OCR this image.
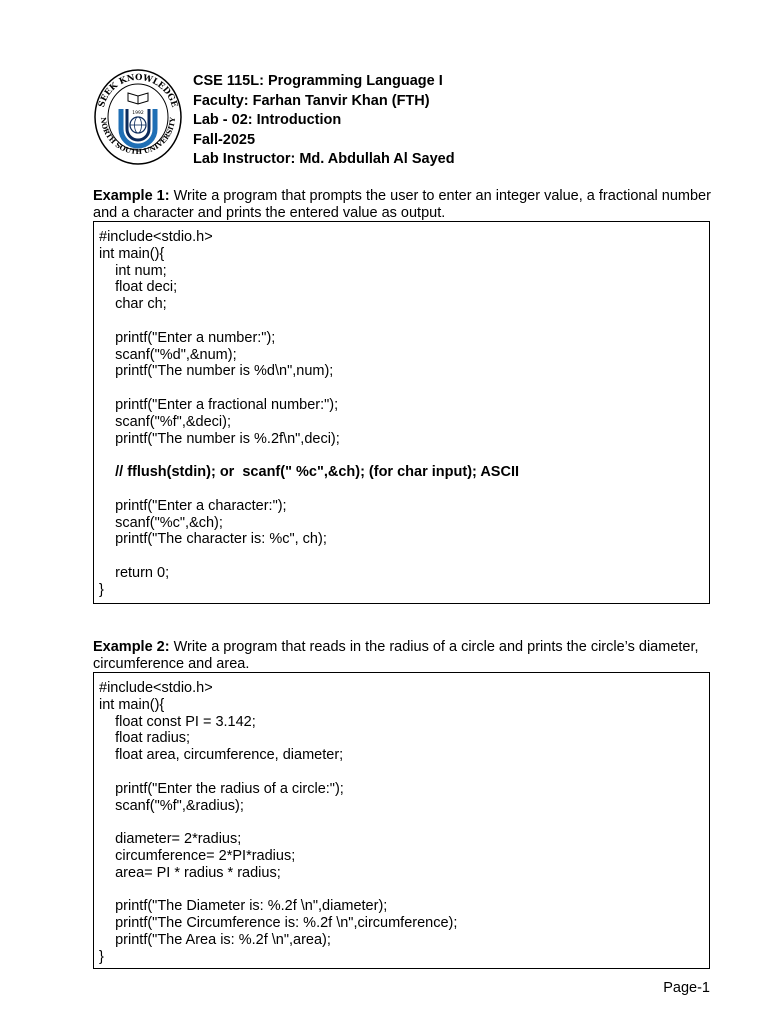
SEEK KNOWLEDGE
NORTH SOUTH UNIVERSITY
1992
CSE 115L: Programming Language I
Faculty: Farhan Tanvir Khan (FTH)
Lab - 02: Introduction
Fall-2025
Lab Instructor: Md. Abdullah Al Sayed
Example 1: Write a program that prompts the user to enter an integer value, a fractional number and a character and prints the entered value as output.
#include<stdio.h>
int main(){
int num;
float deci;
char ch;
printf("Enter a number:");
scanf("%d",&num);
printf("The number is %d\n",num);
printf("Enter a fractional number:");
scanf("%f",&deci);
printf("The number is %.2f\n",deci);
// fflush(stdin); or  scanf(" %c",&ch); (for char input); ASCII
printf("Enter a character:");
scanf("%c",&ch);
printf("The character is: %c", ch);
return 0;
}
Example 2: Write a program that reads in the radius of a circle and prints the circle’s diameter, circumference and area.
#include<stdio.h>
int main(){
float const PI = 3.142;
float radius;
float area, circumference, diameter;
printf("Enter the radius of a circle:");
scanf("%f",&radius);
diameter= 2*radius;
circumference= 2*PI*radius;
area= PI * radius * radius;
printf("The Diameter is: %.2f \n",diameter);
printf("The Circumference is: %.2f \n",circumference);
printf("The Area is: %.2f \n",area);
}
Page-1
